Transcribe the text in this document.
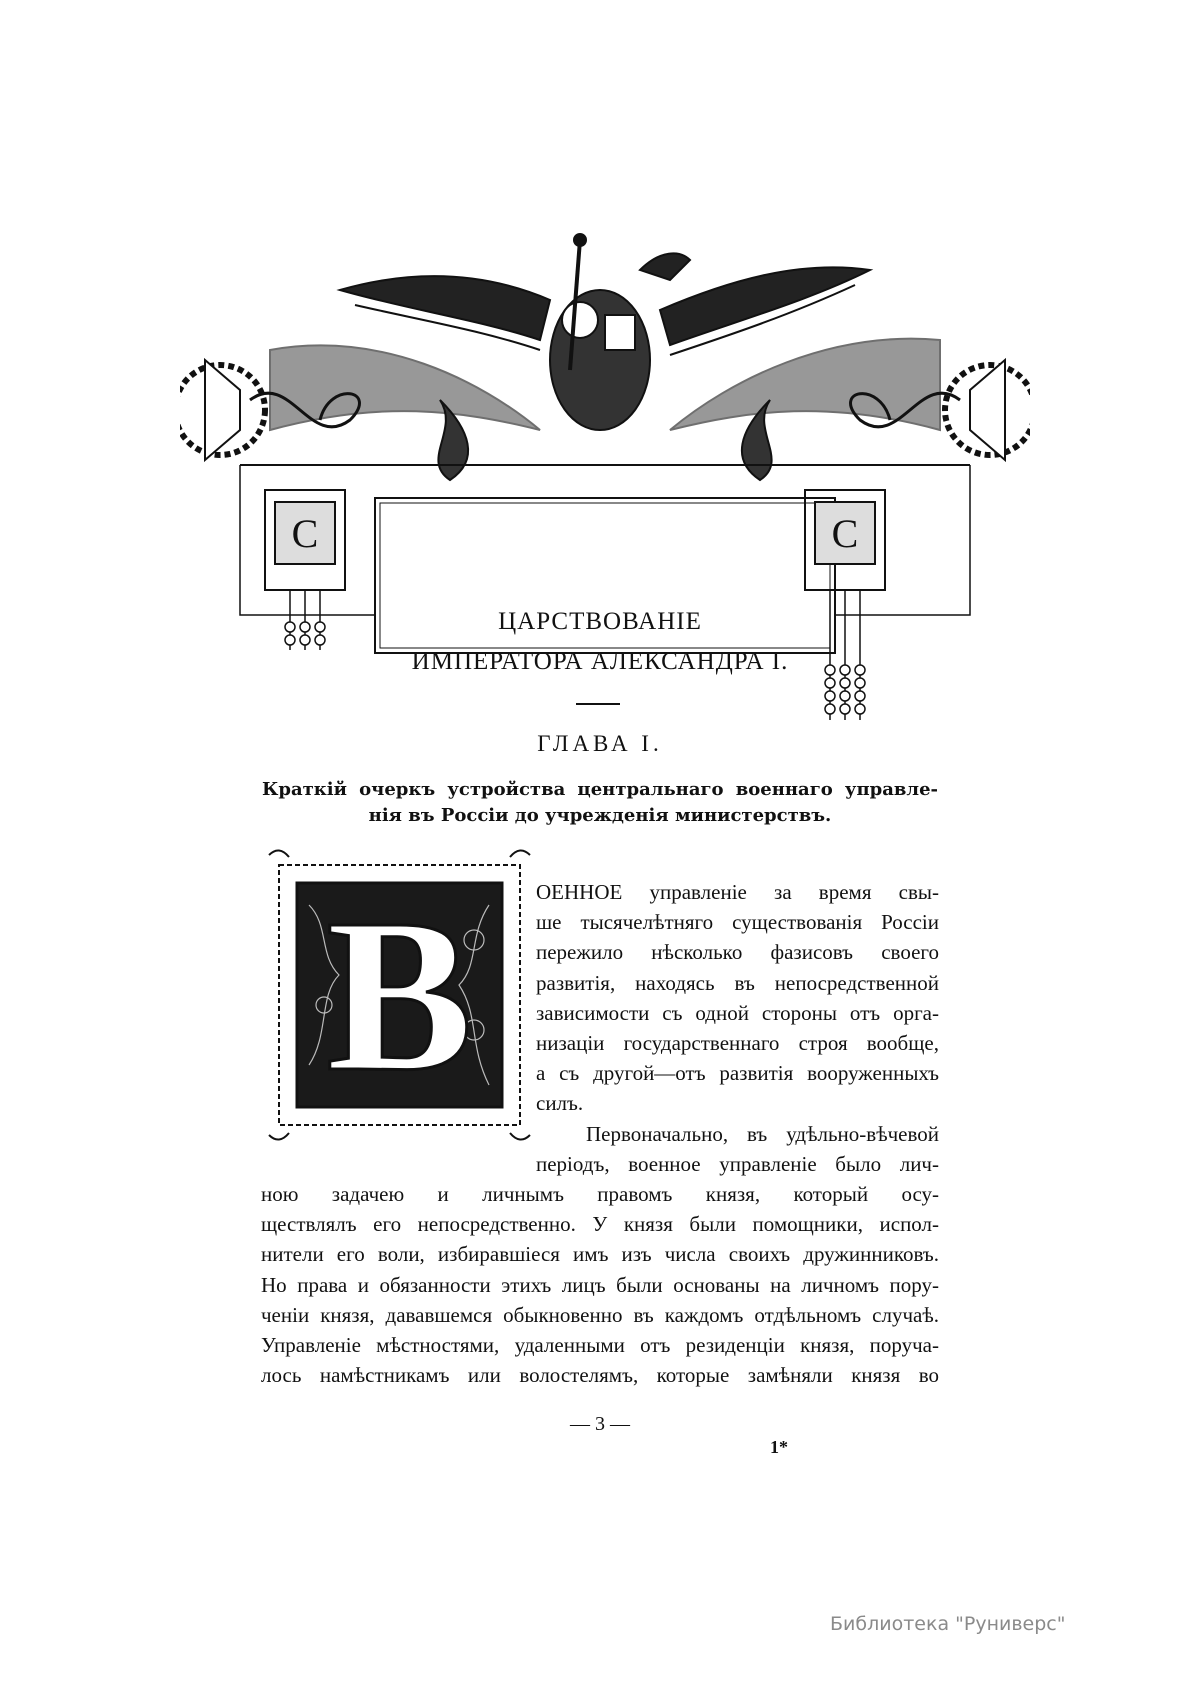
С	С
ЦАРСТВОВАНІЕ
ИМПЕРАТОРА АЛЕКСАНДРА I.
ГЛАВА I.
Краткій очеркъ устройства центральнаго военнаго управле-
нія въ Россіи до учрежденія министерствъ.
В	ОЕННОЕ управленіе за время свы-
ше тысячелѣтняго существованія Россіи
пережило нѣсколько фазисовъ своего
развитія, находясь въ непосредственной
зависимости съ одной стороны отъ орга-
низаціи государственнаго строя вообще,
а съ другой—отъ развитія вооруженныхъ
силъ.
Первоначально, въ удѣльно-вѣчевой
періодъ, военное управленіе было лич-
ною задачею и личнымъ правомъ князя, который осу-
ществлялъ его непосредственно. У князя были помощники, испол-
нители его воли, избиравшіеся имъ изъ числа своихъ дружинниковъ.
Но права и обязанности этихъ лицъ были основаны на личномъ пору-
ченіи князя, дававшемся обыкновенно въ каждомъ отдѣльномъ случаѣ.
Управленіе мѣстностями, удаленными отъ резиденціи князя, поруча-
лось намѣстникамъ или волостелямъ, которые замѣняли князя во
— 3 —
1*
Библиотека "Руниверс"
